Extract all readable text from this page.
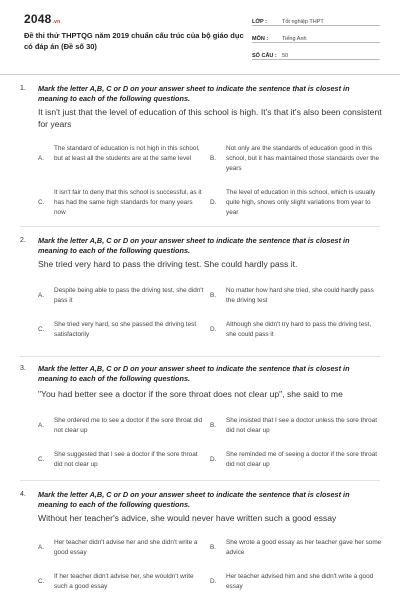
2048.vn
Đề thi thử THPTQG năm 2019 chuẩn cấu trúc của bộ giáo dục có đáp án (Đề số 30)
LỚP :	Tốt nghiệp THPT
MÔN :	Tiếng Anh
SỐ CÂU : 50
1. Mark the letter A,B, C or D on your answer sheet to indicate the sentence that is closest in meaning to each of the following questions.
It isn't just that the level of education of this school is high. It's that it's also been consistent for years
A.
The standard of education is not high in this school, but at least all the students are at the same level	B.
Not only are the standards of education good in this school, but it has maintained those standards over the years
C.
It isn't fair to deny that this school is successful, as it has had the same high standards for many years now
D.
The level of education in this school, which is usually quite high, shows only slight variations from year to year
2. Mark the letter A,B, C or D on your answer sheet to indicate the sentence that is closest in meaning to each of the following questions.
She tried very hard to pass the driving test. She could hardly pass it.
A.
Despite being able to pass the driving test, she didn't pass it
B.
No matter how hard she tried, she could hardly pass the driving test
C.
She tried very hard, so she passed the driving test satisfactorily
D.
Although she didn't try hard to pass the driving test, she could pass it
3. Mark the letter A,B, C or D on your answer sheet to indicate the sentence that is closest in meaning to each of the following questions.
"You had better see a doctor if the sore throat does not clear up", she said to me
A.
She ordered me to see a doctor if the sore throat did not clear up
B.
She insisted that I see a doctor unless the sore throat did not clear up
C.
She suggested that I see a doctor if the sore throat did not clear up
D.
She reminded me of seeing a doctor if the sore throat did not clear up
4. Mark the letter A,B, C or D on your answer sheet to indicate the sentence that is closest in meaning to each of the following questions.
Without her teacher's advice, she would never have written such a good essay
A.
Her teacher didn't advise her and she didn't write a good essay
B.
She wrote a good essay as her teacher gave her some advice
C.
If her teacher didn't advise her, she wouldn't write such a good essay
D.
Her teacher advised him and she didn't write a good essay
